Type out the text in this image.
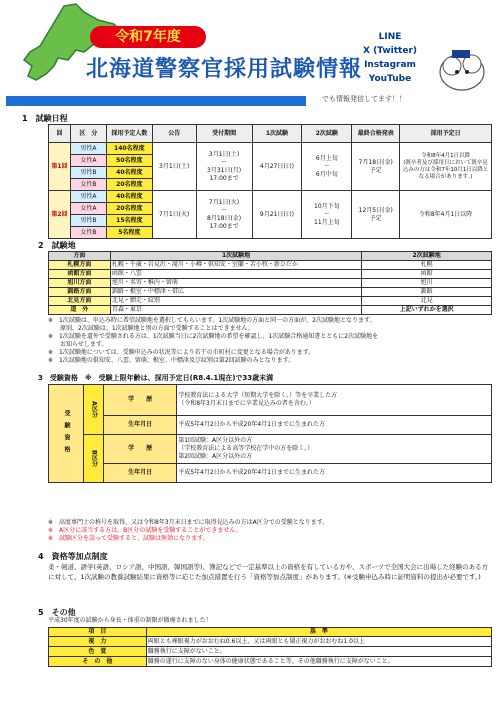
令和7年度
北海道警察官採用試験情報
LINE
X (Twitter)
Instagram
YouTube
でも情報発信してます！！
1　試験日程
回	区　分	採用予定人数	公告	受付期間	1次試験	2次試験	最終合格発表	採用予定日
第1回	男性A	140名程度	3月1日(土)	3月1日(土)
～
3月31日(月)
17:00まで	4月27日(日)	6月上旬
～
6月中旬	7月18日(金)
予定	令和8年4月1日以降
(既卒者及び採用日において既卒見込みの方は令和7年10月1日以降となる場合があります。)
	女性A	50名程度						
	男性B	40名程度						
	女性B	20名程度						
第2回	男性A	40名程度	7月1日(火)	7月1日(火)
～
8月18日(金)
17:00まで	9月21日(日)	10月下旬
～
11月上旬	12月5日(金)
予定	令和8年4月1日以降
	女性A	20名程度						
	男性B	15名程度						
	女性B	5名程度						
2　試験地
方面	1次試験地	2次試験地
札幌方面	札幌・千歳・岩見沢・滝川・小樽・倶知安・室蘭・苫小牧・新ひだか	札幌
函館方面	函館・八雲	函館
旭川方面	旭川・名寄・稚内・留萌	旭川
釧路方面	釧路・根室・中標津・帯広	釧路
北見方面	北見・網走・紋別	北見
道　外	青森・東京	上記いずれかを選択
※　1次試験は、申込み時に希望試験地を選択してもらいます。1次試験地の方面と同一の方面が、2次試験地となります。
　　原則、2次試験は、1次試験地と別の方面で受験することはできません。
※　1次試験を道外で受験される方は、1次試験当日に2次試験地の希望を確認し、1次試験合格通知書とともに2次試験地を
　　お知らせします。
※　1次試験地については、受験申込みの状況等により若干の市町村に変更となる場合があります。
※　1次試験地の倶知安、八雲、留萌、根室、中標津及び紋別は第2回試験のみとなります。
3　受験資格　※　受験上限年齢は、採用予定日(R8.4.1現在)で33歳未満
受験資格	A区分	学　　歴	学校教育法による大学（短期大学を除く。）等を卒業した方
（令和8年3月末日までに卒業見込みの者を含む。）
		生年月日	平成5年4月2日から平成20年4月1日までに生まれた方
	B区分	学　　歴	第1回試験：A区分以外の方
（学校教育法による高等学校在学中の方を除く。）
第2回試験：A区分以外の方
		生年月日	平成5年4月2日から平成20年4月1日までに生まれた方
※　高度専門士の称号を取得、又は令和8年3月末日までに取得見込みの方はA区分での受験となります。
※　A区分に該当する方は、B区分の試験を受験することができません。
※　試験区分を誤って受験すると、試験は無効になります。
4　資格等加点制度
柔・剣道、語学(英語、ロシア語、中国語、韓国語等)、簿記などで一定基準以上の資格を有している方や、スポーツで全国大会に出場した経験のある方に対して、1次試験の教養試験結果に資格等に応じた加点措置を行う「資格等加点制度」があります。(※受験申込み時に証明資料の提出が必要です。)
5　その他
平成30年度の試験から身長・体重の制限が撤廃されました！
項　目	基　準
視　力	両眼とも裸眼視力がおおむね0.6以上、又は両眼とも矯正視力がおおむね1.0以上
色　覚	職務執行に支障がないこと。
そ　の　他	職務の遂行に支障のない身体の健康状態であること等、その他職務執行に支障がないこと。
